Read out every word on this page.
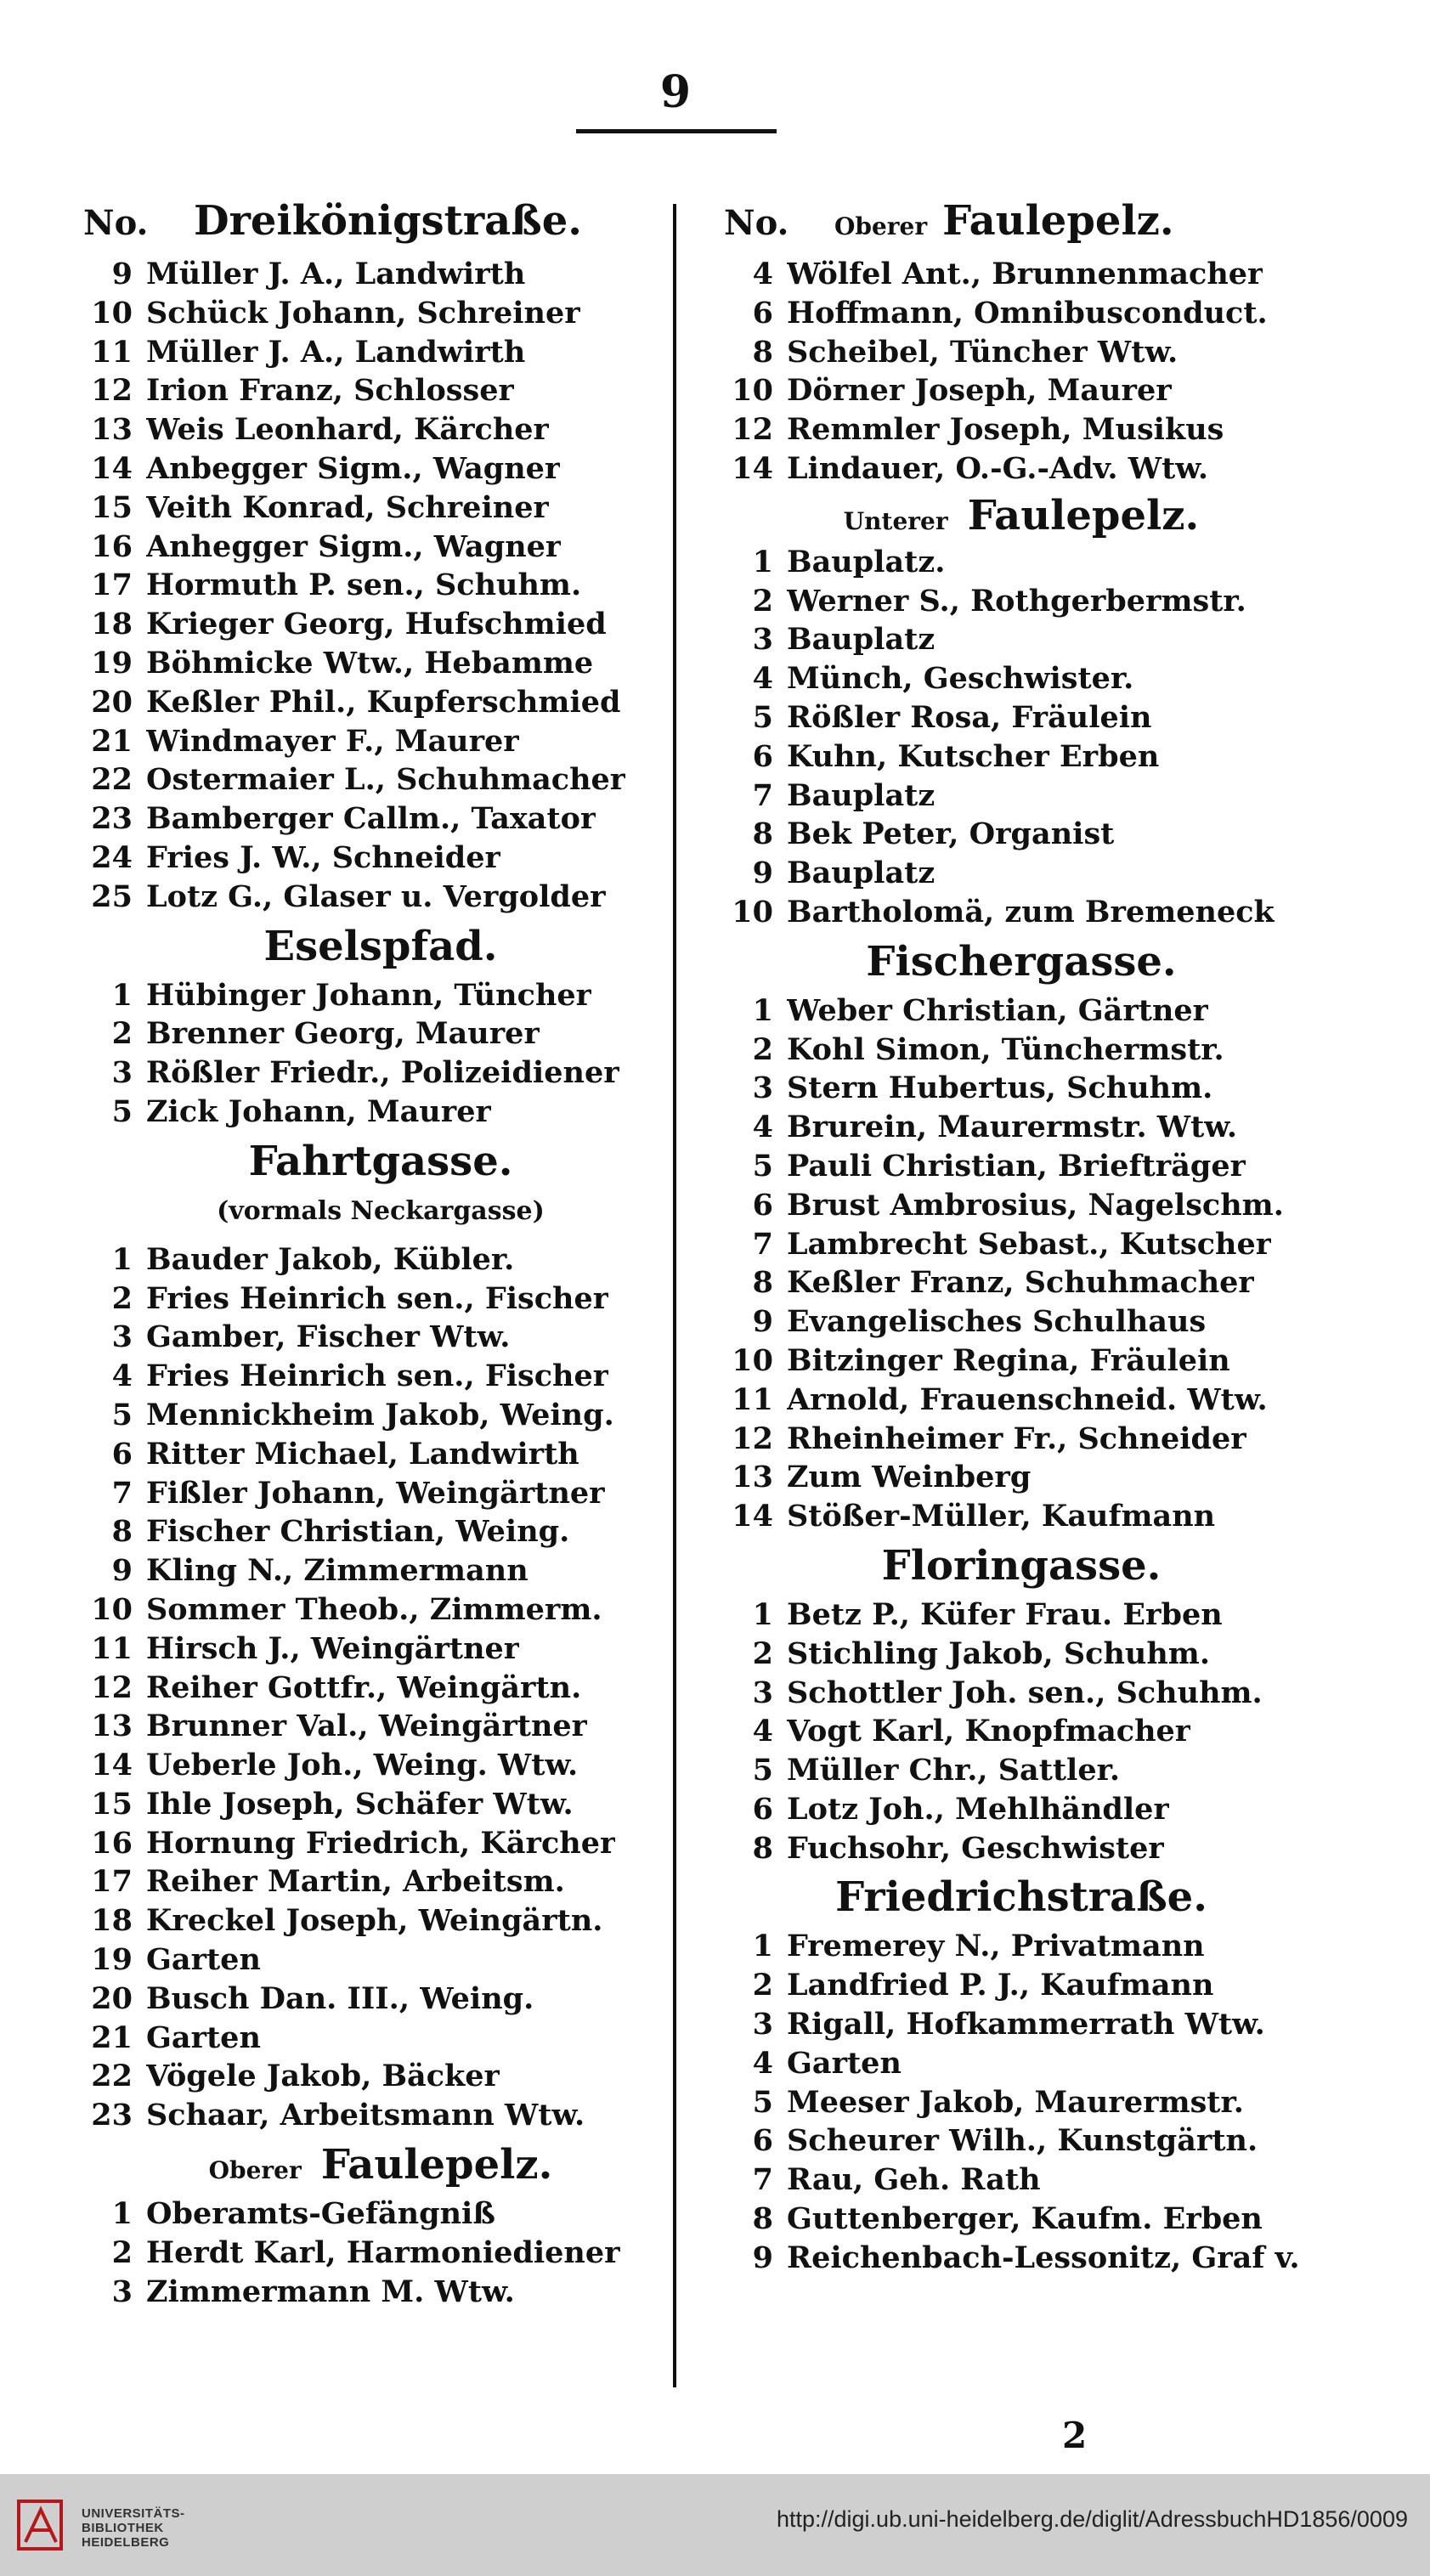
9
No.	Dreikönigstraße.
9 Müller J. A., Landwirth
10 Schück Johann, Schreiner
11 Müller J. A., Landwirth
12 Irion Franz, Schlosser
13 Weis Leonhard, Kärcher
14 Anbegger Sigm., Wagner
15 Veith Konrad, Schreiner
16 Anhegger Sigm., Wagner
17 Hormuth P. sen., Schuhm.
18 Krieger Georg, Hufschmied
19 Böhmicke Wtw., Hebamme
20 Keßler Phil., Kupferschmied
21 Windmayer F., Maurer
22 Ostermaier L., Schuhmacher
23 Bamberger Callm., Taxator
24 Fries J. W., Schneider
25 Lotz G., Glaser u. Vergolder
Eselspfad.
1 Hübinger Johann, Tüncher
2 Brenner Georg, Maurer
3 Rößler Friedr., Polizeidiener
5 Zick Johann, Maurer
Fahrtgasse.
(vormals Neckargasse)
1 Bauder Jakob, Kübler.
2 Fries Heinrich sen., Fischer
3 Gamber, Fischer Wtw.
4 Fries Heinrich sen., Fischer
5 Mennickheim Jakob, Weing.
6 Ritter Michael, Landwirth
7 Fißler Johann, Weingärtner
8 Fischer Christian, Weing.
9 Kling N., Zimmermann
10 Sommer Theob., Zimmerm.
11 Hirsch J., Weingärtner
12 Reiher Gottfr., Weingärtn.
13 Brunner Val., Weingärtner
14 Ueberle Joh., Weing. Wtw.
15 Ihle Joseph, Schäfer Wtw.
16 Hornung Friedrich, Kärcher
17 Reiher Martin, Arbeitsm.
18 Kreckel Joseph, Weingärtn.
19 Garten
20 Busch Dan. III., Weing.
21 Garten
22 Vögele Jakob, Bäcker
23 Schaar, Arbeitsmann Wtw.
Oberer Faulepelz.
1 Oberamts-Gefängniß
2 Herdt Karl, Harmoniediener
3 Zimmermann M. Wtw.
No.	Oberer Faulepelz.
4 Wölfel Ant., Brunnenmacher
6 Hoffmann, Omnibusconduct.
8 Scheibel, Tüncher Wtw.
10 Dörner Joseph, Maurer
12 Remmler Joseph, Musikus
14 Lindauer, O.-G.-Adv. Wtw.
Unterer Faulepelz.
1 Bauplatz.
2 Werner S., Rothgerbermstr.
3 Bauplatz
4 Münch, Geschwister.
5 Rößler Rosa, Fräulein
6 Kuhn, Kutscher Erben
7 Bauplatz
8 Bek Peter, Organist
9 Bauplatz
10 Bartholomä, zum Bremeneck
Fischergasse.
1 Weber Christian, Gärtner
2 Kohl Simon, Tünchermstr.
3 Stern Hubertus, Schuhm.
4 Brurein, Maurermstr. Wtw.
5 Pauli Christian, Briefträger
6 Brust Ambrosius, Nagelschm.
7 Lambrecht Sebast., Kutscher
8 Keßler Franz, Schuhmacher
9 Evangelisches Schulhaus
10 Bitzinger Regina, Fräulein
11 Arnold, Frauenschneid. Wtw.
12 Rheinheimer Fr., Schneider
13 Zum Weinberg
14 Stößer-Müller, Kaufmann
Floringasse.
1 Betz P., Küfer Frau. Erben
2 Stichling Jakob, Schuhm.
3 Schottler Joh. sen., Schuhm.
4 Vogt Karl, Knopfmacher
5 Müller Chr., Sattler.
6 Lotz Joh., Mehlhändler
8 Fuchsohr, Geschwister
Friedrichstraße.
1 Fremerey N., Privatmann
2 Landfried P. J., Kaufmann
3 Rigall, Hofkammerrath Wtw.
4 Garten
5 Meeser Jakob, Maurermstr.
6 Scheurer Wilh., Kunstgärtn.
7 Rau, Geh. Rath
8 Guttenberger, Kaufm. Erben
9 Reichenbach-Lessonitz, Graf v.
2
UNIVERSITÄTS-
BIBLIOTHEK
HEIDELBERG
http://digi.ub.uni-heidelberg.de/diglit/AdressbuchHD1856/0009
